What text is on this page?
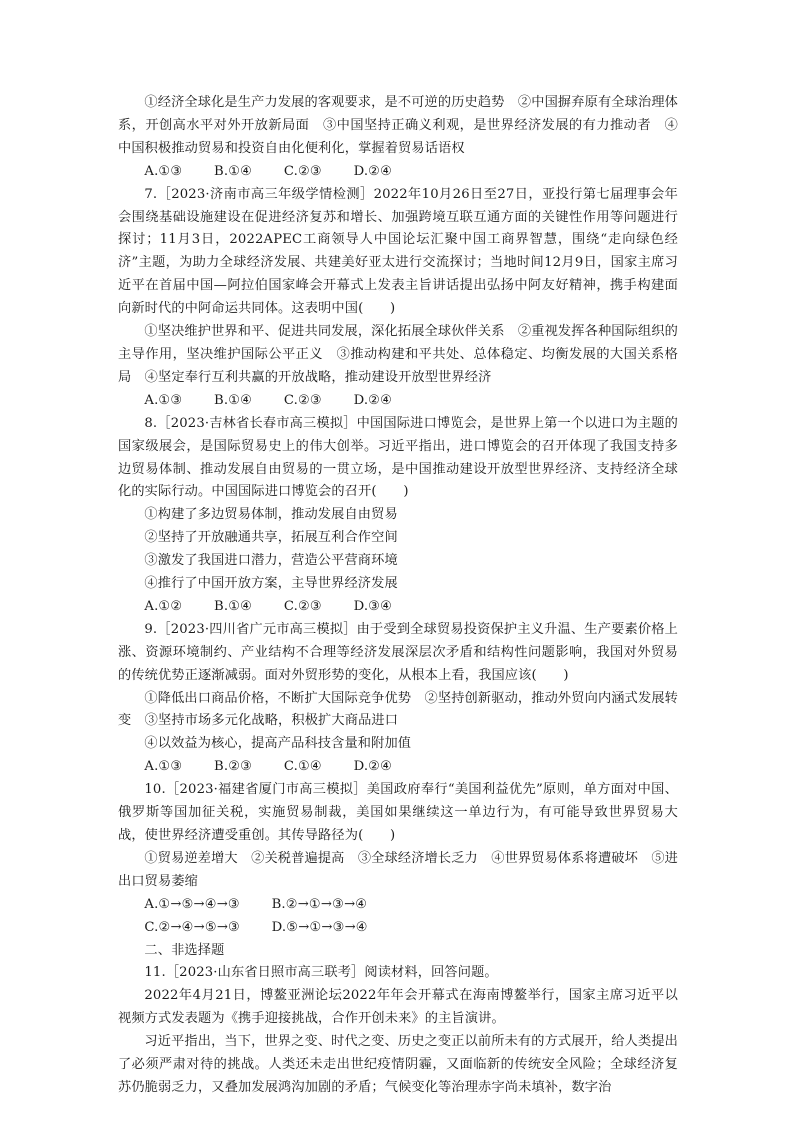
①经济全球化是生产力发展的客观要求，是不可逆的历史趋势　②中国摒弃原有全球治理体系，开创高水平对外开放新局面　③中国坚持正确义利观，是世界经济发展的有力推动者　④中国积极推动贸易和投资自由化便利化，掌握着贸易话语权

A.①③ B.①④ C.②③ D.②④

7.［2023·济南市高三年级学情检测］2022年10月26日至27日，亚投行第七届理事会年会围绕基础设施建设在促进经济复苏和增长、加强跨境互联互通方面的关键性作用等问题进行探讨；11月3日，2022APEC工商领导人中国论坛汇聚中国工商界智慧，围绕“走向绿色经济”主题，为助力全球经济发展、共建美好亚太进行交流探讨；当地时间12月9日，国家主席习近平在首届中国—阿拉伯国家峰会开幕式上发表主旨讲话提出弘扬中阿友好精神，携手构建面向新时代的中阿命运共同体。这表明中国(　　)

①坚决维护世界和平、促进共同发展，深化拓展全球伙伴关系　②重视发挥各种国际组织的主导作用，坚决维护国际公平正义　③推动构建和平共处、总体稳定、均衡发展的大国关系格局　④坚定奉行互利共赢的开放战略，推动建设开放型世界经济

A.①③ B.①④ C.②③ D.②④

8.［2023·吉林省长春市高三模拟］中国国际进口博览会，是世界上第一个以进口为主题的国家级展会，是国际贸易史上的伟大创举。习近平指出，进口博览会的召开体现了我国支持多边贸易体制、推动发展自由贸易的一贯立场，是中国推动建设开放型世界经济、支持经济全球化的实际行动。中国国际进口博览会的召开(　　)

①构建了多边贸易体制，推动发展自由贸易

②坚持了开放融通共享，拓展互利合作空间

③激发了我国进口潜力，营造公平营商环境

④推行了中国开放方案，主导世界经济发展

A.①② B.①④ C.②③ D.③④

9.［2023·四川省广元市高三模拟］由于受到全球贸易投资保护主义升温、生产要素价格上涨、资源环境制约、产业结构不合理等经济发展深层次矛盾和结构性问题影响，我国对外贸易的传统优势正逐渐减弱。面对外贸形势的变化，从根本上看，我国应该(　　)

①降低出口商品价格，不断扩大国际竞争优势　②坚持创新驱动，推动外贸向内涵式发展转变　③坚持市场多元化战略，积极扩大商品进口

④以效益为核心，提高产品科技含量和附加值

A.①③ B.②③ C.①④ D.②④

10.［2023·福建省厦门市高三模拟］美国政府奉行“美国利益优先”原则，单方面对中国、俄罗斯等国加征关税，实施贸易制裁，美国如果继续这一单边行为，有可能导致世界贸易大战，使世界经济遭受重创。其传导路径为(　　)

①贸易逆差增大　②关税普遍提高　③全球经济增长乏力　④世界贸易体系将遭破坏　⑤进出口贸易萎缩

A.①→⑤→④→③ B.②→①→③→④

C.②→④→⑤→③ D.⑤→①→③→④

二、非选择题

11.［2023·山东省日照市高三联考］阅读材料，回答问题。

2022年4月21日，博鳌亚洲论坛2022年年会开幕式在海南博鳌举行，国家主席习近平以视频方式发表题为《携手迎接挑战，合作开创未来》的主旨演讲。

习近平指出，当下，世界之变、时代之变、历史之变正以前所未有的方式展开，给人类提出了必须严肃对待的挑战。人类还未走出世纪疫情阴霾，又面临新的传统安全风险；全球经济复苏仍脆弱乏力，又叠加发展鸿沟加剧的矛盾；气候变化等治理赤字尚未填补，数字治
